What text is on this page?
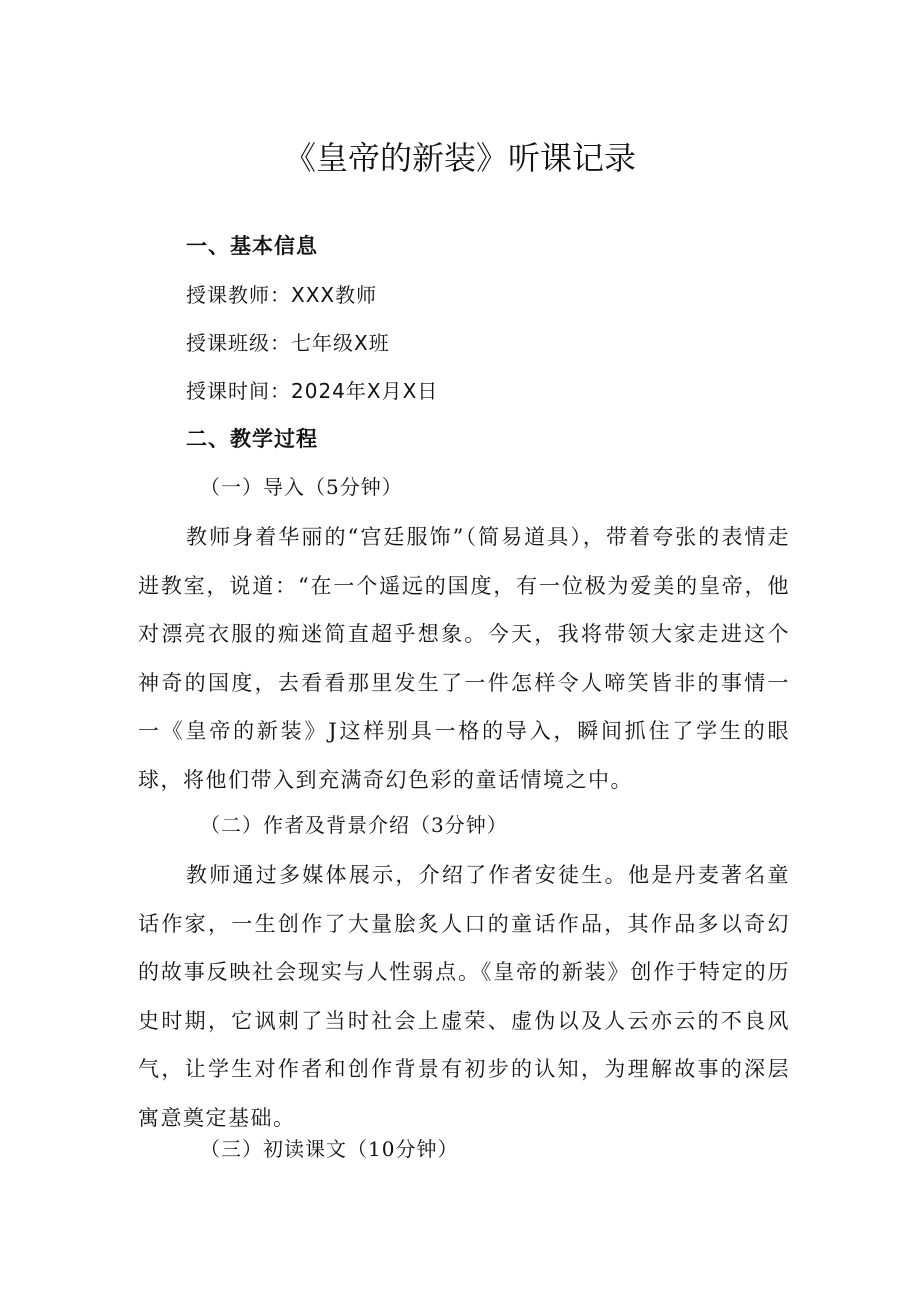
《皇帝的新装》听课记录
一、基本信息
授课教师：XXX教师
授课班级：七年级X班
授课时间：2024年X月X日
二、教学过程
（一）导入（5分钟）

教师身着华丽的“宫廷服饰”（简易道具），带着夸张的表情走进教室，说道：“在一个遥远的国度，有一位极为爱美的皇帝，他对漂亮衣服的痴迷简直超乎想象。今天，我将带领大家走进这个神奇的国度，去看看那里发生了一件怎样令人啼笑皆非的事情一一《皇帝的新装》J这样别具一格的导入，瞬间抓住了学生的眼球，将他们带入到充满奇幻色彩的童话情境之中。

（二）作者及背景介绍（3分钟）

教师通过多媒体展示，介绍了作者安徒生。他是丹麦著名童话作家，一生创作了大量脍炙人口的童话作品，其作品多以奇幻的故事反映社会现实与人性弱点。《皇帝的新装》创作于特定的历史时期，它讽刺了当时社会上虚荣、虚伪以及人云亦云的不良风气，让学生对作者和创作背景有初步的认知，为理解故事的深层寓意奠定基础。

（三）初读课文（10分钟）
